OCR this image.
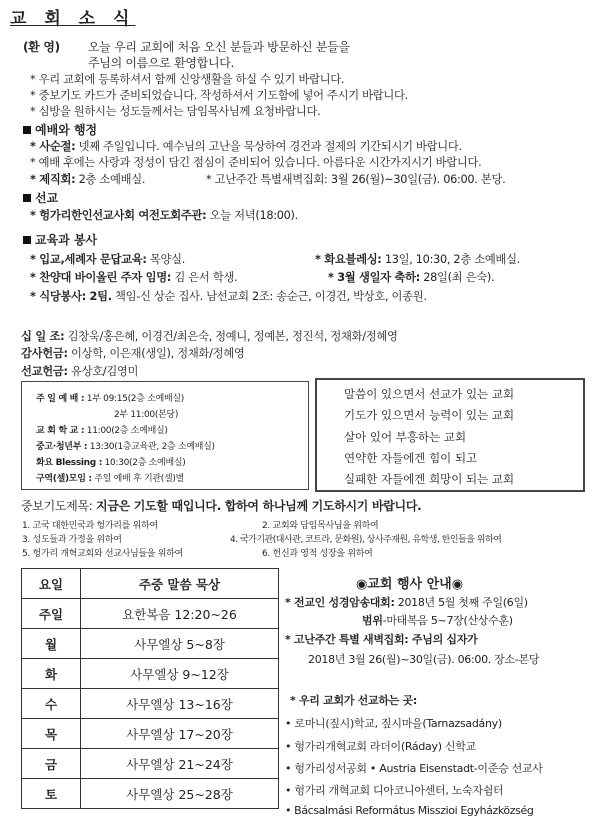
교 회 소 식
(환 영) 오늘 우리 교회에 처음 오신 분들과 방문하신 분들을
주님의 이름으로 환영합니다.
* 우리 교회에 등록하셔서 함께 신앙생활을 하실 수 있기 바랍니다.
* 중보기도 카드가 준비되었습니다. 작성하셔서 기도함에 넣어 주시기 바랍니다.
* 심방을 원하시는 성도들께서는 담임목사님께 요청바랍니다.
예배와 행정
* 사순절: 넷째 주일입니다. 예수님의 고난을 묵상하여 경건과 절제의 기간되시기 바랍니다.
* 예배 후에는 사랑과 정성이 담긴 점심이 준비되어 있습니다. 아름다운 시간가지시기 바랍니다.
* 제직회: 2층 소예배실.	* 고난주간 특별새벽집회: 3월 26(월)~30일(금). 06:00. 본당.
선교
* 헝가리한인선교사회 여전도회주관: 오늘 저녁(18:00).
교육과 봉사
* 입교,세례자 문답교육: 목양실.	* 화요블레싱: 13일, 10:30, 2층 소예배실.
* 찬양대 바이올린 주자 임명: 김 은서 학생.	* 3월 생일자 축하: 28일(최 은숙).
* 식당봉사: 2팀. 책임-신 상순 집사. 남선교회 2조: 송순근, 이경건, 박상호, 이종원.
십 일 조: 김창욱/홍은혜, 이경건/최은숙, 정예니, 정예본, 정진석, 정채화/정혜영
감사헌금: 이상학, 이은재(생일), 정채화/정혜영
선교헌금: 유상호/김영미
주 일 예 배 : 1부 09:15(2층 소예배실)
2부 11:00(본당)
교 회 학 교 : 11:00(2층 소예배실)
중고·청년부 : 13:30(1층교육관, 2층 소예배실)
화요 Blessing : 10:30(2층 소예배실)
구역(셀)모임 : 주일 예배 후 기관(셀)별
말씀이 있으면서 선교가 있는 교회
기도가 있으면서 능력이 있는 교회
살아 있어 부흥하는 교회
연약한 자들에겐 힘이 되고
실패한 자들에겐 희망이 되는 교회
중보기도제목: 지금은 기도할 때입니다. 합하여 하나님께 기도하시기 바랍니다.
1. 고국 대한민국과 헝가리를 위하여	2. 교회와 담임목사님을 위하여
3. 성도들과 가정을 위하여	4. 국가기관(대사관, 코트라, 문화원), 상사주재원, 유학생, 한인들을 위하여
5. 헝가리 개혁교회와 선교사님들을 위하여	6. 헌신과 영적 성장을 위하여
요일	주중 말씀 묵상
주일	요한복음 12:20~26
월	사무엘상 5~8장
화	사무엘상 9~12장
수	사무엘상 13~16장
목	사무엘상 17~20장
금	사무엘상 21~24장
토	사무엘상 25~28장
◉교회 행사 안내◉
* 전교인 성경암송대회: 2018년 5월 첫째 주일(6일)
범위-마태복음 5~7장(산상수훈)
* 고난주간 특별 새벽집회: 주님의 십자가
2018년 3월 26(월)~30일(금). 06:00. 장소-본당
* 우리 교회가 선교하는 곳:
• 로마니(짚시)학교, 짚시마을(Tarnazsadány)
• 헝가리개혁교회 라더이(Ráday) 신학교
• 헝가리성서공회 • Austria Eisenstadt-이준승 선교사
• 헝가리 개혁교회 디아코니아센터, 노숙자쉼터
• Bácsalmási Református Misszioi Egyházközség
